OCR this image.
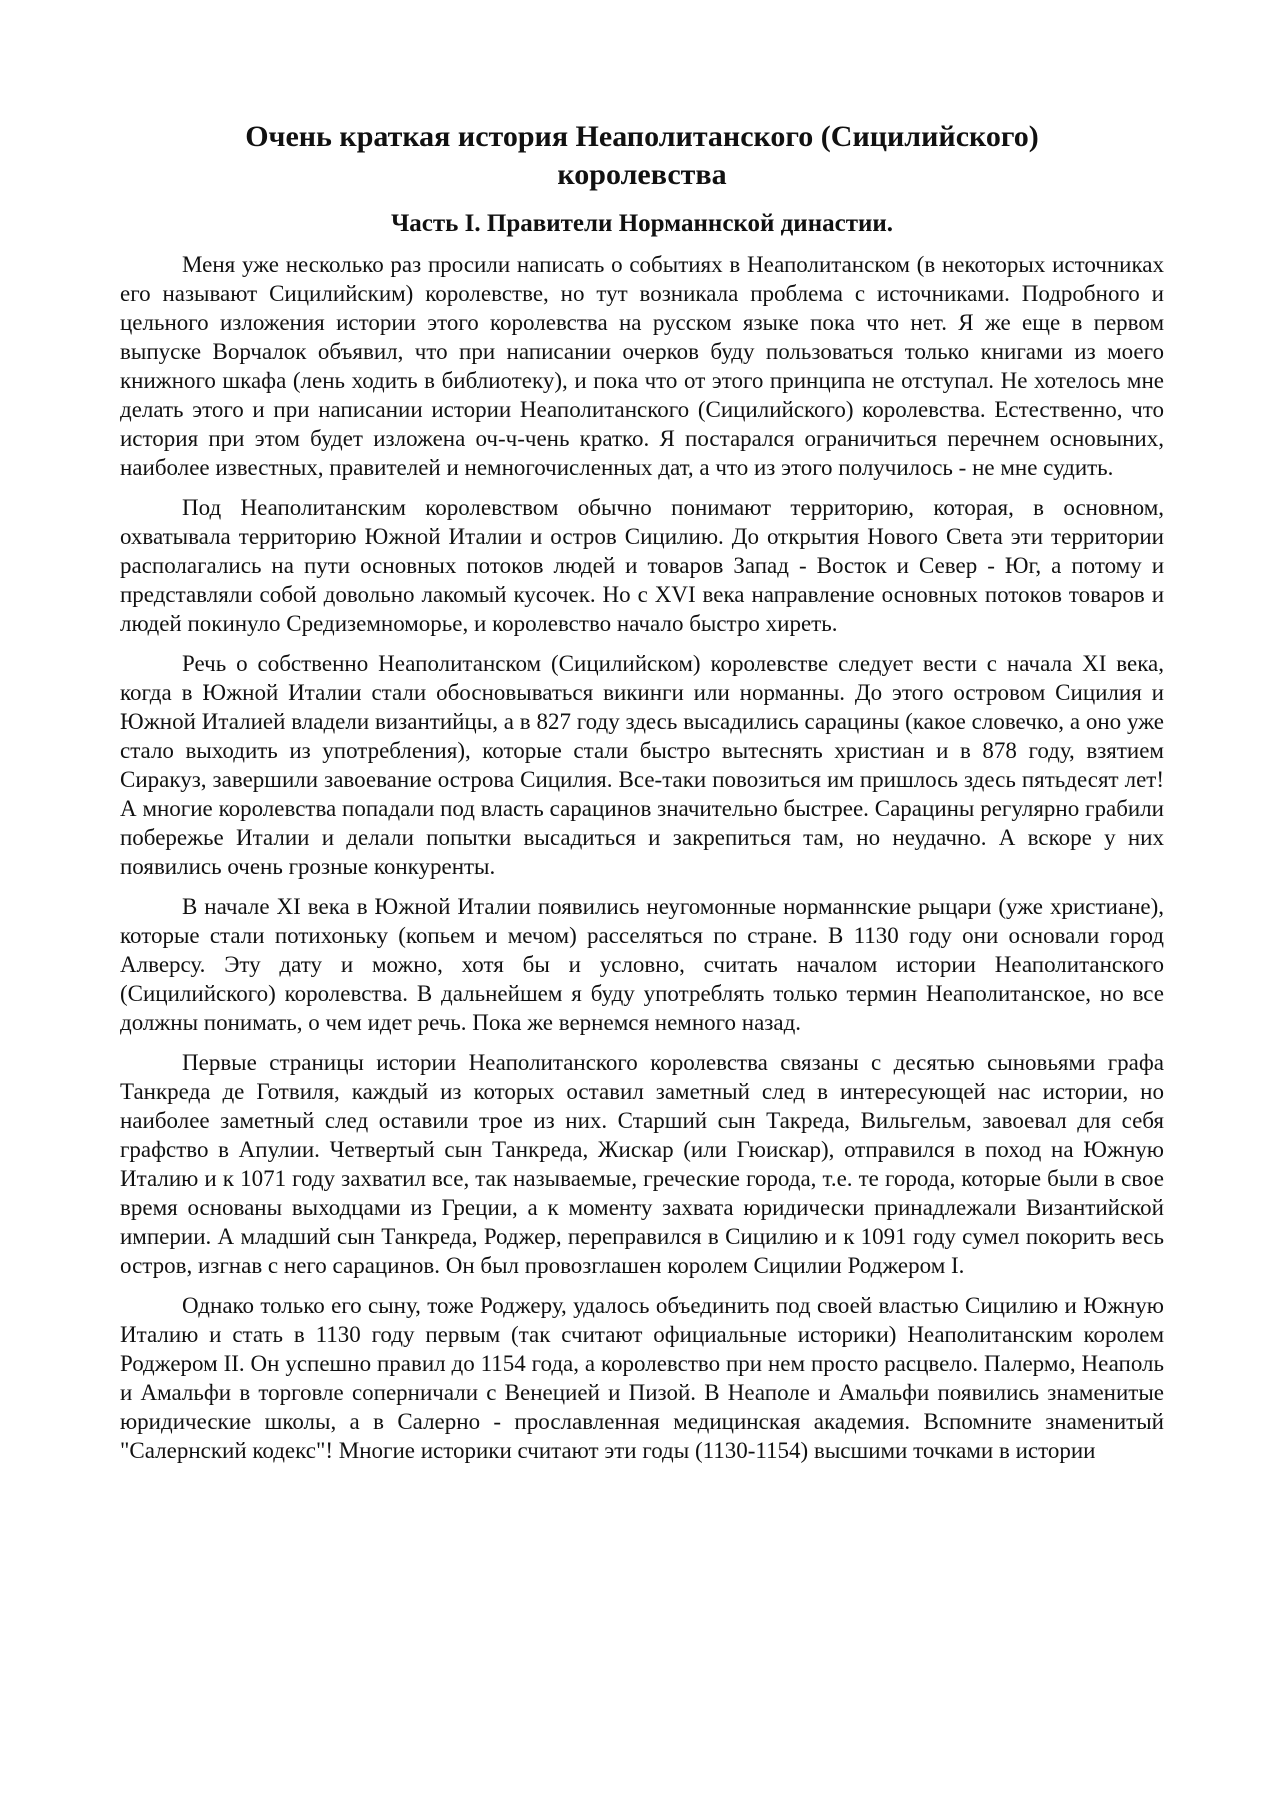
Очень краткая история Неаполитанского (Сицилийского) королевства
Часть I. Правители Норманнской династии.

Меня уже несколько раз просили написать о событиях в Неаполитанском (в некоторых источниках его называют Сицилийским) королевстве, но тут возникала проблема с источниками. Подробного и цельного изложения истории этого королевства на русском языке пока что нет. Я же еще в первом выпуске Ворчалок объявил, что при написании очерков буду пользоваться только книгами из моего книжного шкафа (лень ходить в библиотеку), и пока что от этого принципа не отступал. Не хотелось мне делать этого и при написании истории Неаполитанского (Сицилийского) королевства. Естественно, что история при этом будет изложена оч-ч-чень кратко. Я постарался ограничиться перечнем основыних, наиболее известных, правителей и немногочисленных дат, а что из этого получилось - не мне судить.

Под Неаполитанским королевством обычно понимают территорию, которая, в основном, охватывала территорию Южной Италии и остров Сицилию. До открытия Нового Света эти территории располагались на пути основных потоков людей и товаров Запад - Восток и Север - Юг, а потому и представляли собой довольно лакомый кусочек. Но с XVI века направление основных потоков товаров и людей покинуло Средиземноморье, и королевство начало быстро хиреть.

Речь о собственно Неаполитанском (Сицилийском) королевстве следует вести с начала XI века, когда в Южной Италии стали обосновываться викинги или норманны. До этого островом Сицилия и Южной Италией владели византийцы, а в 827 году здесь высадились сарацины (какое словечко, а оно уже стало выходить из употребления), которые стали быстро вытеснять христиан и в 878 году, взятием Сиракуз, завершили завоевание острова Сицилия. Все-таки повозиться им пришлось здесь пятьдесят лет! А многие королевства попадали под власть сарацинов значительно быстрее. Сарацины регулярно грабили побережье Италии и делали попытки высадиться и закрепиться там, но неудачно. А вскоре у них появились очень грозные конкуренты.

В начале XI века в Южной Италии появились неугомонные норманнские рыцари (уже христиане), которые стали потихоньку (копьем и мечом) расселяться по стране. В 1130 году они основали город Алверсу. Эту дату и можно, хотя бы и условно, считать началом истории Неаполитанского (Сицилийского) королевства. В дальнейшем я буду употреблять только термин Неаполитанское, но все должны понимать, о чем идет речь. Пока же вернемся немного назад.

Первые страницы истории Неаполитанского королевства связаны с десятью сыновьями графа Танкреда де Готвиля, каждый из которых оставил заметный след в интересующей нас истории, но наиболее заметный след оставили трое из них. Старший сын Такреда, Вильгельм, завоевал для себя графство в Апулии. Четвертый сын Танкреда, Жискар (или Гюискар), отправился в поход на Южную Италию и к 1071 году захватил все, так называемые, греческие города, т.е. те города, которые были в свое время основаны выходцами из Греции, а к моменту захвата юридически принадлежали Византийской империи. А младший сын Танкреда, Роджер, переправился в Сицилию и к 1091 году сумел покорить весь остров, изгнав с него сарацинов. Он был провозглашен королем Сицилии Роджером I.

Однако только его сыну, тоже Роджеру, удалось объединить под своей властью Сицилию и Южную Италию и стать в 1130 году первым (так считают официальные историки) Неаполитанским королем Роджером II. Он успешно правил до 1154 года, а королевство при нем просто расцвело. Палермо, Неаполь и Амальфи в торговле соперничали с Венецией и Пизой. В Неаполе и Амальфи появились знаменитые юридические школы, а в Салерно - прославленная медицинская академия. Вспомните знаменитый "Салернский кодекс"! Многие историки считают эти годы (1130-1154) высшими точками в истории
